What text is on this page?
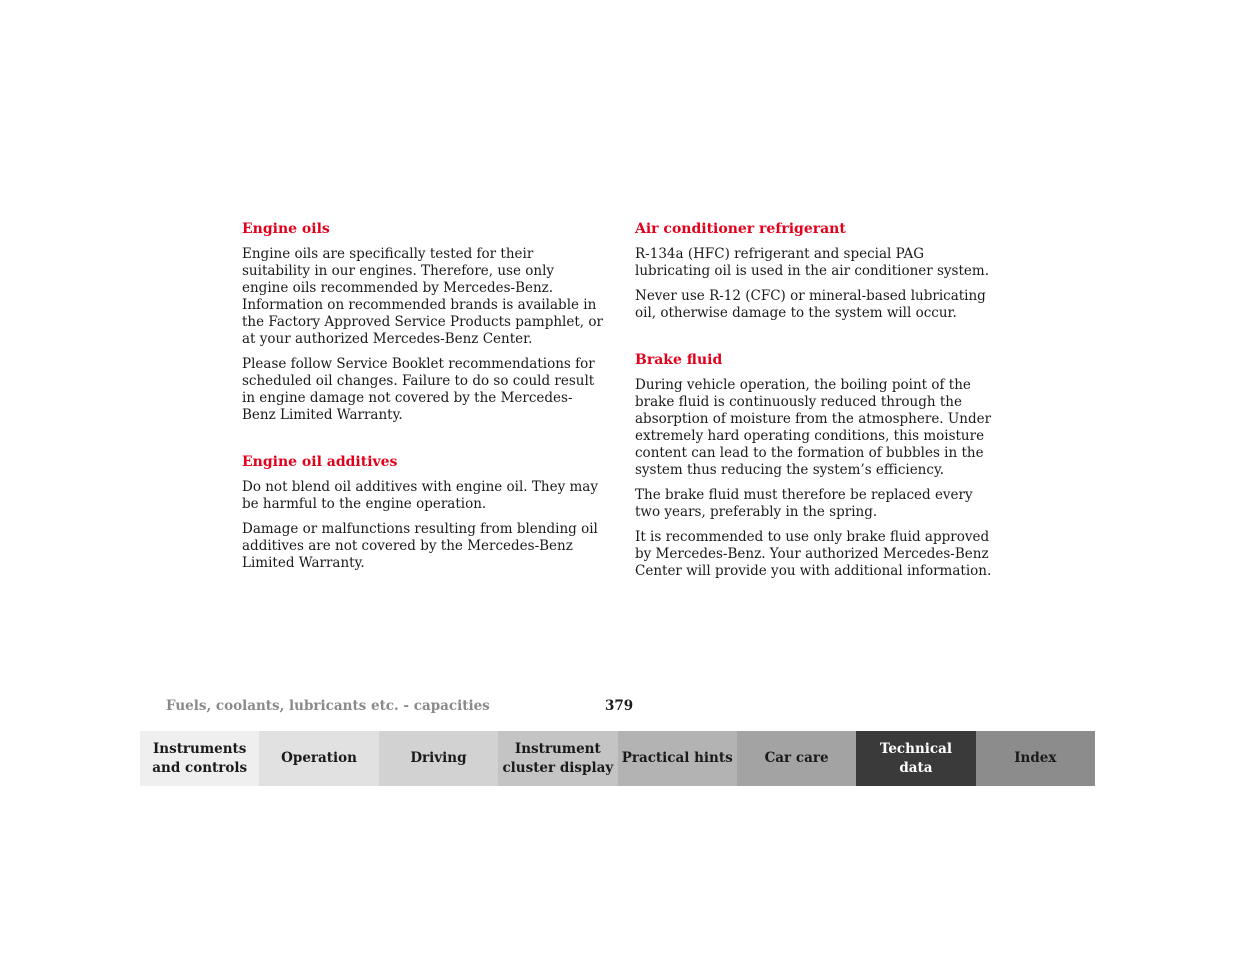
Engine oils

Engine oils are specifically tested for their suitability in our engines. Therefore, use only engine oils recommended by Mercedes-Benz. Information on recommended brands is available in the Factory Approved Service Products pamphlet, or at your authorized Mercedes-Benz Center.

Please follow Service Booklet recommendations for scheduled oil changes. Failure to do so could result in engine damage not covered by the Mercedes-Benz Limited Warranty.

Engine oil additives

Do not blend oil additives with engine oil. They may be harmful to the engine operation.

Damage or malfunctions resulting from blending oil additives are not covered by the Mercedes-Benz Limited Warranty.

Air conditioner refrigerant

R-134a (HFC) refrigerant and special PAG lubricating oil is used in the air conditioner system.

Never use R-12 (CFC) or mineral-based lubricating oil, otherwise damage to the system will occur.

Brake fluid

During vehicle operation, the boiling point of the brake fluid is continuously reduced through the absorption of moisture from the atmosphere. Under extremely hard operating conditions, this moisture content can lead to the formation of bubbles in the system thus reducing the system’s efficiency.

The brake fluid must therefore be replaced every two years, preferably in the spring.

It is recommended to use only brake fluid approved by Mercedes-Benz. Your authorized Mercedes-Benz Center will provide you with additional information.

Fuels, coolants, lubricants etc. - capacities	379
Instruments
and controls
Operation	Driving
Instrument
cluster display
Practical hints Car care
Technical
data
Index
